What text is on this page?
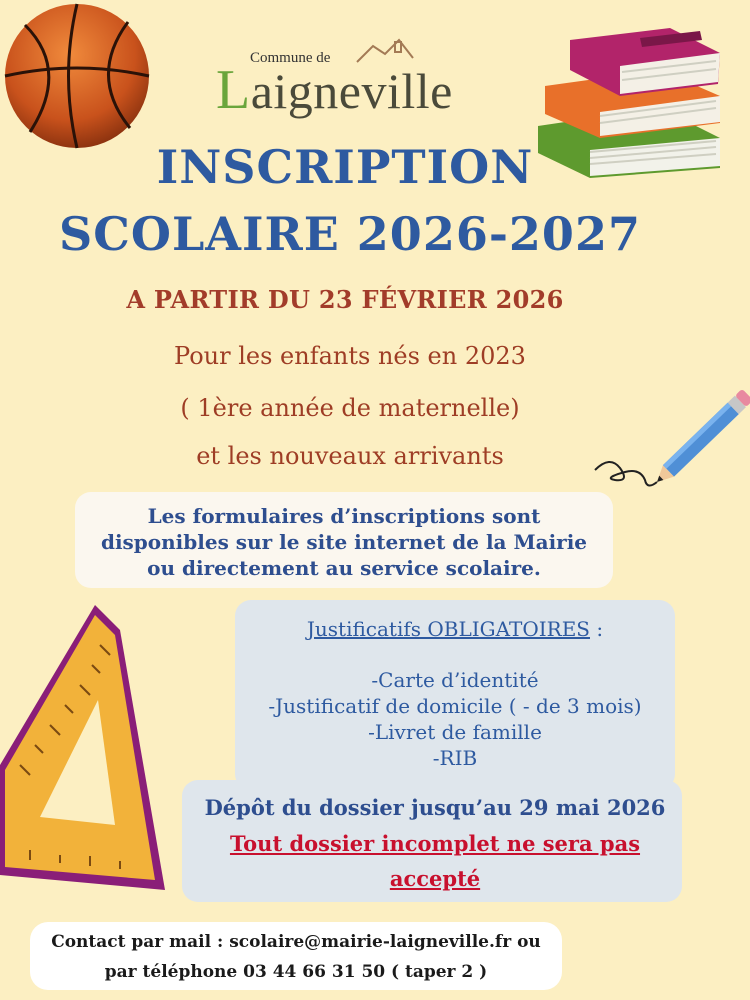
Commune de
Laigneville
INSCRIPTION
SCOLAIRE 2026-2027
A PARTIR DU 23 FÉVRIER 2026
Pour les enfants nés en 2023
( 1ère année de maternelle)
et les nouveaux arrivants
Les formulaires d’inscriptions sont
disponibles sur le site internet de la Mairie
ou directement au service scolaire.
Justificatifs OBLIGATOIRES :
-Carte d’identité
-Justificatif de domicile ( - de 3 mois)
-Livret de famille
-RIB
Dépôt du dossier jusqu’au 29 mai 2026
Tout dossier incomplet ne sera pas
accepté
Contact par mail : scolaire@mairie-laigneville.fr ou
par téléphone 03 44 66 31 50 ( taper 2 )
